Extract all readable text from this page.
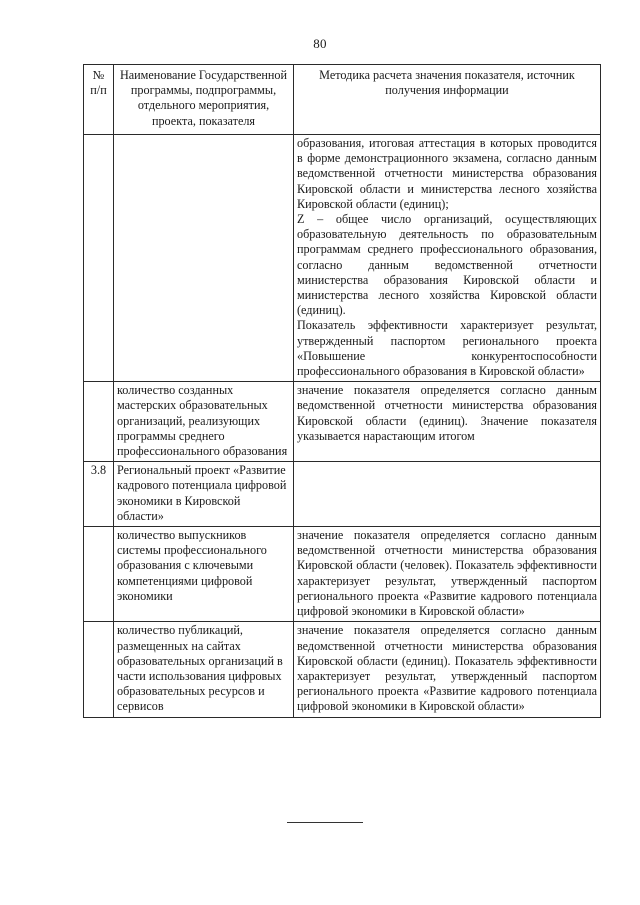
80
№ п/п	Наименование Государственной программы, подпрограммы, отдельного мероприятия, проекта, показателя	Методика расчета значения показателя, источник получения информации

		образования, итоговая аттестация в которых проводится в форме демонстрационного экзамена, согласно данным ведомственной отчетности министерства образования Кировской области и министерства лесного хозяйства Кировской области (единиц);

Z – общее число организаций, осуществляющих образовательную деятельность по образовательным программам среднего профессионального образования, согласно данным ведомственной отчетности министерства образования Кировской области и министерства лесного хозяйства Кировской области (единиц).

Показатель эффективности характеризует результат, утвержденный паспортом регионального проекта «Повышение конкурентоспособности профессионального образования в Кировской области»

	количество созданных мастерских образовательных организаций, реализующих программы среднего профессионального образования	значение показателя определяется согласно данным ведомственной отчетности министерства образования Кировской области (единиц). Значение показателя указывается нарастающим итогом

3.8	Региональный проект «Развитие кадрового потенциала цифровой экономики в Кировской области»	
	количество выпускников системы профессионального образования с ключевыми компетенциями цифровой экономики	значение показателя определяется согласно данным ведомственной отчетности министерства образования Кировской области (человек). Показатель эффективности характеризует результат, утвержденный паспортом регионального проекта «Развитие кадрового потенциала цифровой экономики в Кировской области»

	количество публикаций, размещенных на сайтах образовательных организаций в части использования цифровых образовательных ресурсов и сервисов	значение показателя определяется согласно данным ведомственной отчетности министерства образования Кировской области (единиц). Показатель эффективности характеризует результат, утвержденный паспортом регионального проекта «Развитие кадрового потенциала цифровой экономики в Кировской области»
